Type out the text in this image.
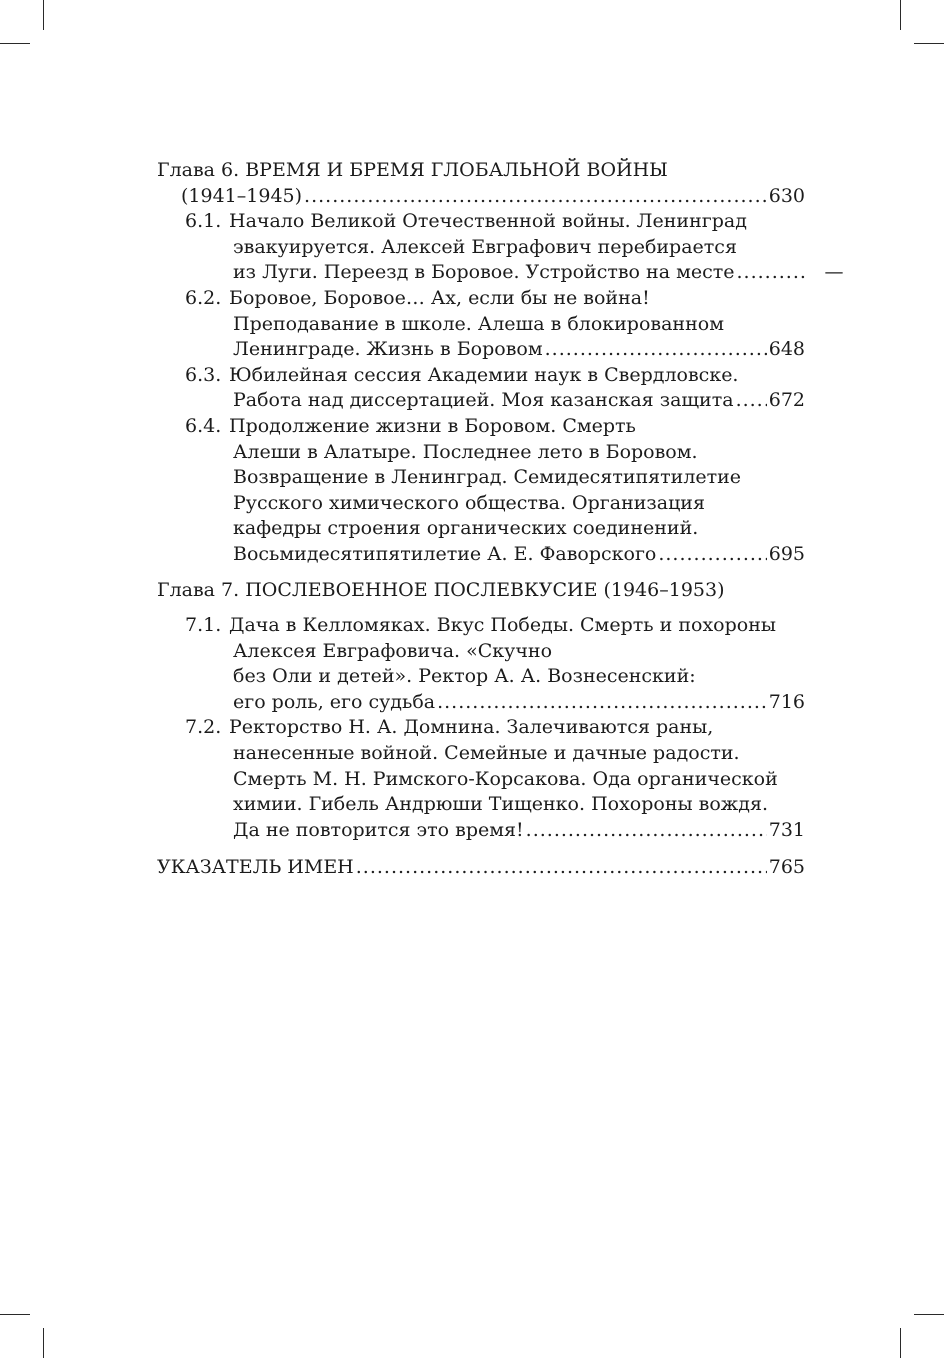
Глава 6. ВРЕМЯ И БРЕМЯ ГЛОБАЛЬНОЙ ВОЙНЫ
(1941–1945) .....	630
6.1. Начало Великой Отечественной войны. Ленинград
эвакуируется. Алексей Евграфович перебирается
из Луги. Переезд в Боровое. Устройство на месте .....	—
6.2. Боровое, Боровое… Ах, если бы не война!
Преподавание в школе. Алеша в блокированном
Ленинграде. Жизнь в Боровом .....	648
6.3. Юбилейная сессия Академии наук в Свердловске.
Работа над диссертацией. Моя казанская защита ..... 672
6.4. Продолжение жизни в Боровом. Смерть
Алеши в Алатыре. Последнее лето в Боровом.
Возвращение в Ленинград. Семидесятипятилетие
Русского химического общества. Организация
кафедры строения органических соединений.
Восьмидесятипятилетие А. Е. Фаворского .....	695
Глава 7. ПОСЛЕВОЕННОЕ ПОСЛЕВКУСИЕ (1946–1953)
7.1. Дача в Келломяках. Вкус Победы. Смерть и похороны
Алексея Евграфовича. «Скучно
без Оли и детей». Ректор А. А. Вознесенский:
его роль, его судьба .....	716
7.2. Ректорство Н. А. Домнина. Залечиваются раны,
нанесенные войной. Семейные и дачные радости.
Смерть М. Н. Римского-Корсакова. Ода органической
химии. Гибель Андрюши Тищенко. Похороны вождя.
Да не повторится это время! .....	731
УКАЗАТЕЛЬ ИМЕН .....	765
